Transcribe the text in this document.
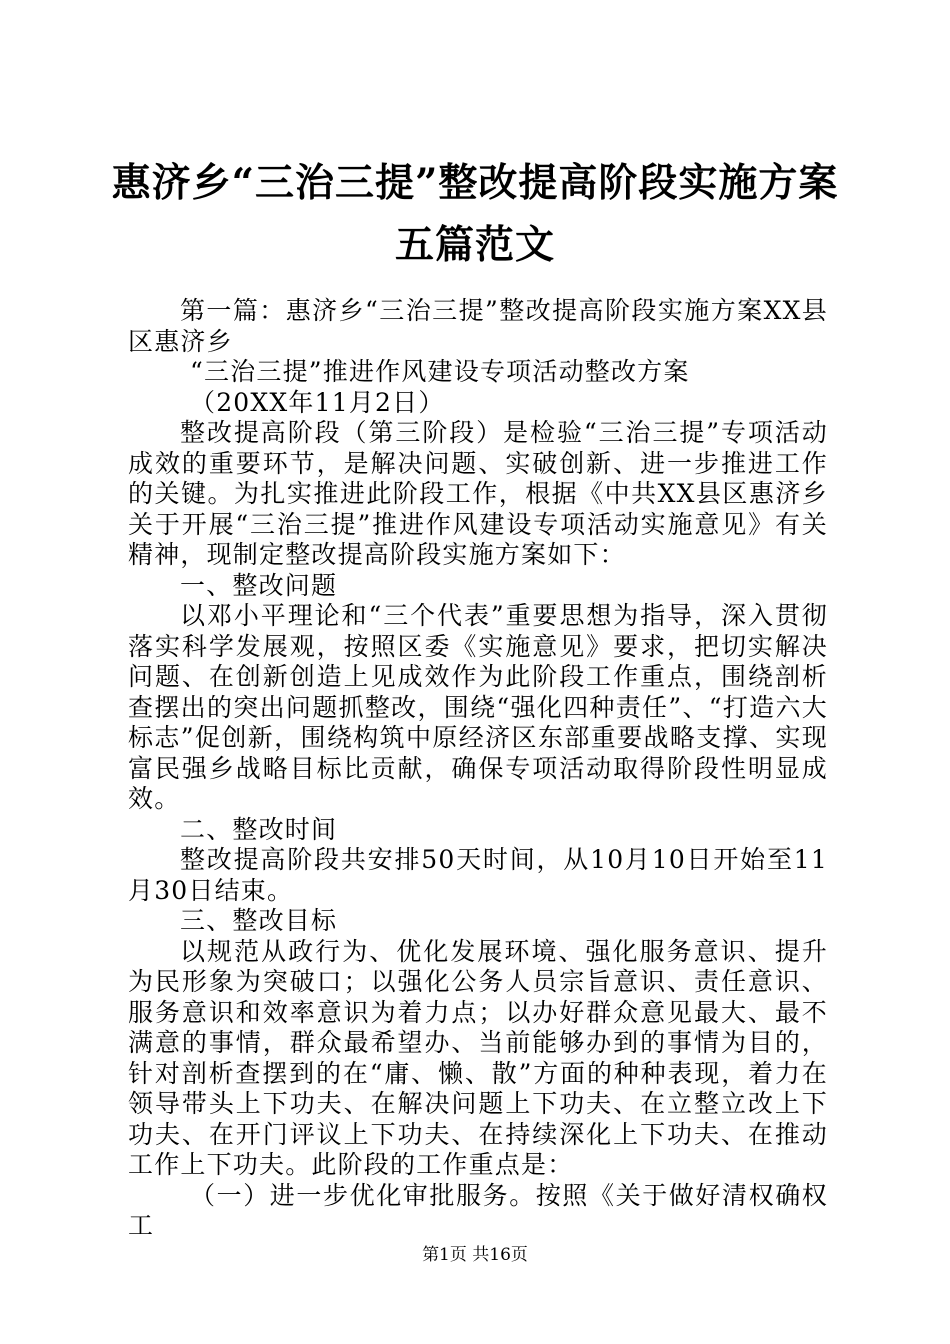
惠济乡“三治三提”整改提高阶段实施方案五篇范文

第一篇：惠济乡“三治三提”整改提高阶段实施方案XX县区惠济乡

“三治三提”推进作风建设专项活动整改方案

（20XX年11月2日）

整改提高阶段（第三阶段）是检验“三治三提”专项活动成效的重要环节，是解决问题、实破创新、进一步推进工作的关键。为扎实推进此阶段工作，根据《中共XX县区惠济乡关于开展“三治三提”推进作风建设专项活动实施意见》有关精神，现制定整改提高阶段实施方案如下：

一、整改问题

以邓小平理论和“三个代表”重要思想为指导，深入贯彻落实科学发展观，按照区委《实施意见》要求，把切实解决问题、在创新创造上见成效作为此阶段工作重点，围绕剖析查摆出的突出问题抓整改，围绕“强化四种责任”、“打造六大标志”促创新，围绕构筑中原经济区东部重要战略支撑、实现富民强乡战略目标比贡献，确保专项活动取得阶段性明显成效。

二、整改时间

整改提高阶段共安排50天时间，从10月10日开始至11月30日结束。

三、整改目标

以规范从政行为、优化发展环境、强化服务意识、提升为民形象为突破口；以强化公务人员宗旨意识、责任意识、服务意识和效率意识为着力点；以办好群众意见最大、最不满意的事情，群众最希望办、当前能够办到的事情为目的，针对剖析查摆到的在“庸、懒、散”方面的种种表现，着力在领导带头上下功夫、在解决问题上下功夫、在立整立改上下功夫、在开门评议上下功夫、在持续深化上下功夫、在推动工作上下功夫。此阶段的工作重点是：

（一）进一步优化审批服务。按照《关于做好清权确权工

第1页 共16页
